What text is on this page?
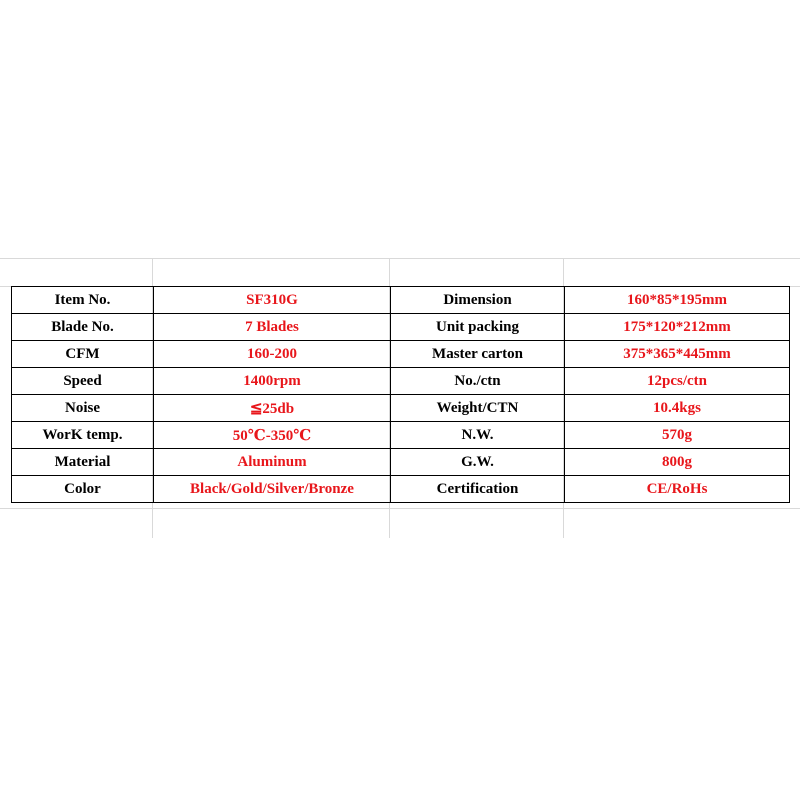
Item No.	SF310G	Dimension	160*85*195mm
Blade No.	7 Blades	Unit packing	175*120*212mm
CFM	160-200	Master carton	375*365*445mm
Speed	1400rpm	No./ctn	12pcs/ctn
Noise	≦25db	Weight/CTN	10.4kgs
WorK temp.	50℃-350℃	N.W.	570g
Material	Aluminum	G.W.	800g
Color	Black/Gold/Silver/Bronze	Certification	CE/RoHs
